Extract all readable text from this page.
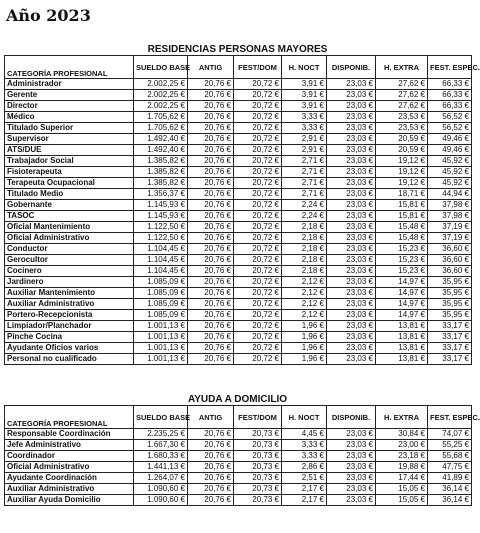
Año 2023
RESIDENCIAS PERSONAS MAYORES
CATEGORÍA PROFESIONAL	SUELDO BASE	ANTIG	FEST/DOM	H. NOCT	DISPONIB.	H. EXTRA	FEST. ESPEC.
Administrador	2.002,25 €	20,76 €	20,72 €	3,91 €	23,03 €	27,62 €	66,33 €
Gerente	2.002,25 €	20,76 €	20,72 €	3,91 €	23,03 €	27,62 €	66,33 €
Director	2.002,25 €	20,76 €	20,72 €	3,91 €	23,03 €	27,62 €	66,33 €
Médico	1.705,62 €	20,76 €	20,72 €	3,33 €	23,03 €	23,53 €	56,52 €
Titulado Superior	1.705,62 €	20,76 €	20,72 €	3,33 €	23,03 €	23,53 €	56,52 €
Supervisor	1.492,40 €	20,76 €	20,72 €	2,91 €	23,03 €	20,59 €	49,46 €
ATS/DUE	1.492,40 €	20,76 €	20,72 €	2,91 €	23,03 €	20,59 €	49,46 €
Trabajador Social	1.385,82 €	20,76 €	20,72 €	2,71 €	23,03 €	19,12 €	45,92 €
Fisioterapeuta	1.385,82 €	20,76 €	20,72 €	2,71 €	23,03 €	19,12 €	45,92 €
Terapeuta Ocupacional	1.385,82 €	20,76 €	20,72 €	2,71 €	23,03 €	19,12 €	45,92 €
Titulado Medio	1.356,37 €	20,76 €	20,72 €	2,71 €	23,03 €	18,71 €	44,94 €
Gobernante	1.145,93 €	20,76 €	20,72 €	2,24 €	23,03 €	15,81 €	37,98 €
TASOC	1.145,93 €	20,76 €	20,72 €	2,24 €	23,03 €	15,81 €	37,98 €
Oficial Mantenimiento	1.122,50 €	20,76 €	20,72 €	2,18 €	23,03 €	15,48 €	37,19 €
Oficial Administrativo	1.122,50 €	20,76 €	20,72 €	2,18 €	23,03 €	15,48 €	37,19 €
Conductor	1.104,45 €	20,76 €	20,72 €	2,18 €	23,03 €	15,23 €	36,60 €
Gerocultor	1.104,45 €	20,76 €	20,72 €	2,18 €	23,03 €	15,23 €	36,60 €
Cocinero	1.104,45 €	20,76 €	20,72 €	2,18 €	23,03 €	15,23 €	36,60 €
Jardinero	1.085,09 €	20,76 €	20,72 €	2,12 €	23,03 €	14,97 €	35,95 €
Auxiliar Mantenimiento	1.085,09 €	20,76 €	20,72 €	2,12 €	23,03 €	14,97 €	35,95 €
Auxiliar Administrativo	1.085,09 €	20,76 €	20,72 €	2,12 €	23,03 €	14,97 €	35,95 €
Portero-Recepcionista	1.085,09 €	20,76 €	20,72 €	2,12 €	23,03 €	14,97 €	35,95 €
Limpiador/Planchador	1.001,13 €	20,76 €	20,72 €	1,96 €	23,03 €	13,81 €	33,17 €
Pinche Cocina	1.001,13 €	20,76 €	20,72 €	1,96 €	23,03 €	13,81 €	33,17 €
Ayudante Oficios varios	1.001,13 €	20,76 €	20,72 €	1,96 €	23,03 €	13,81 €	33,17 €
Personal no cualificado	1.001,13 €	20,76 €	20,72 €	1,96 €	23,03 €	13,81 €	33,17 €
AYUDA A DOMICILIO
CATEGORÍA PROFESIONAL	SUELDO BASE	ANTIG	FEST/DOM	H. NOCT	DISPONIB.	H. EXTRA	FEST. ESPEC.
Responsable Coordinación	2.235,25 €	20,76 €	20,73 €	4,45 €	23,03 €	30,84 €	74,07 €
Jefe Administrativo	1.667,30 €	20,76 €	20,73 €	3,33 €	23,03 €	23,00 €	55,25 €
Coordinador	1.680,33 €	20,76 €	20,73 €	3,33 €	23,03 €	23,18 €	55,68 €
Oficial Administrativo	1.441,13 €	20,76 €	20,73 €	2,86 €	23,03 €	19,88 €	47,75 €
Ayudante Coordinación	1.264,07 €	20,76 €	20,73 €	2,51 €	23,03 €	17,44 €	41,89 €
Auxiliar Administrativo	1.090,60 €	20,76 €	20,73 €	2,17 €	23,03 €	15,05 €	36,14 €
Auxiliar Ayuda Domicilio	1.090,60 €	20,76 €	20,73 €	2,17 €	23,03 €	15,05 €	36,14 €
